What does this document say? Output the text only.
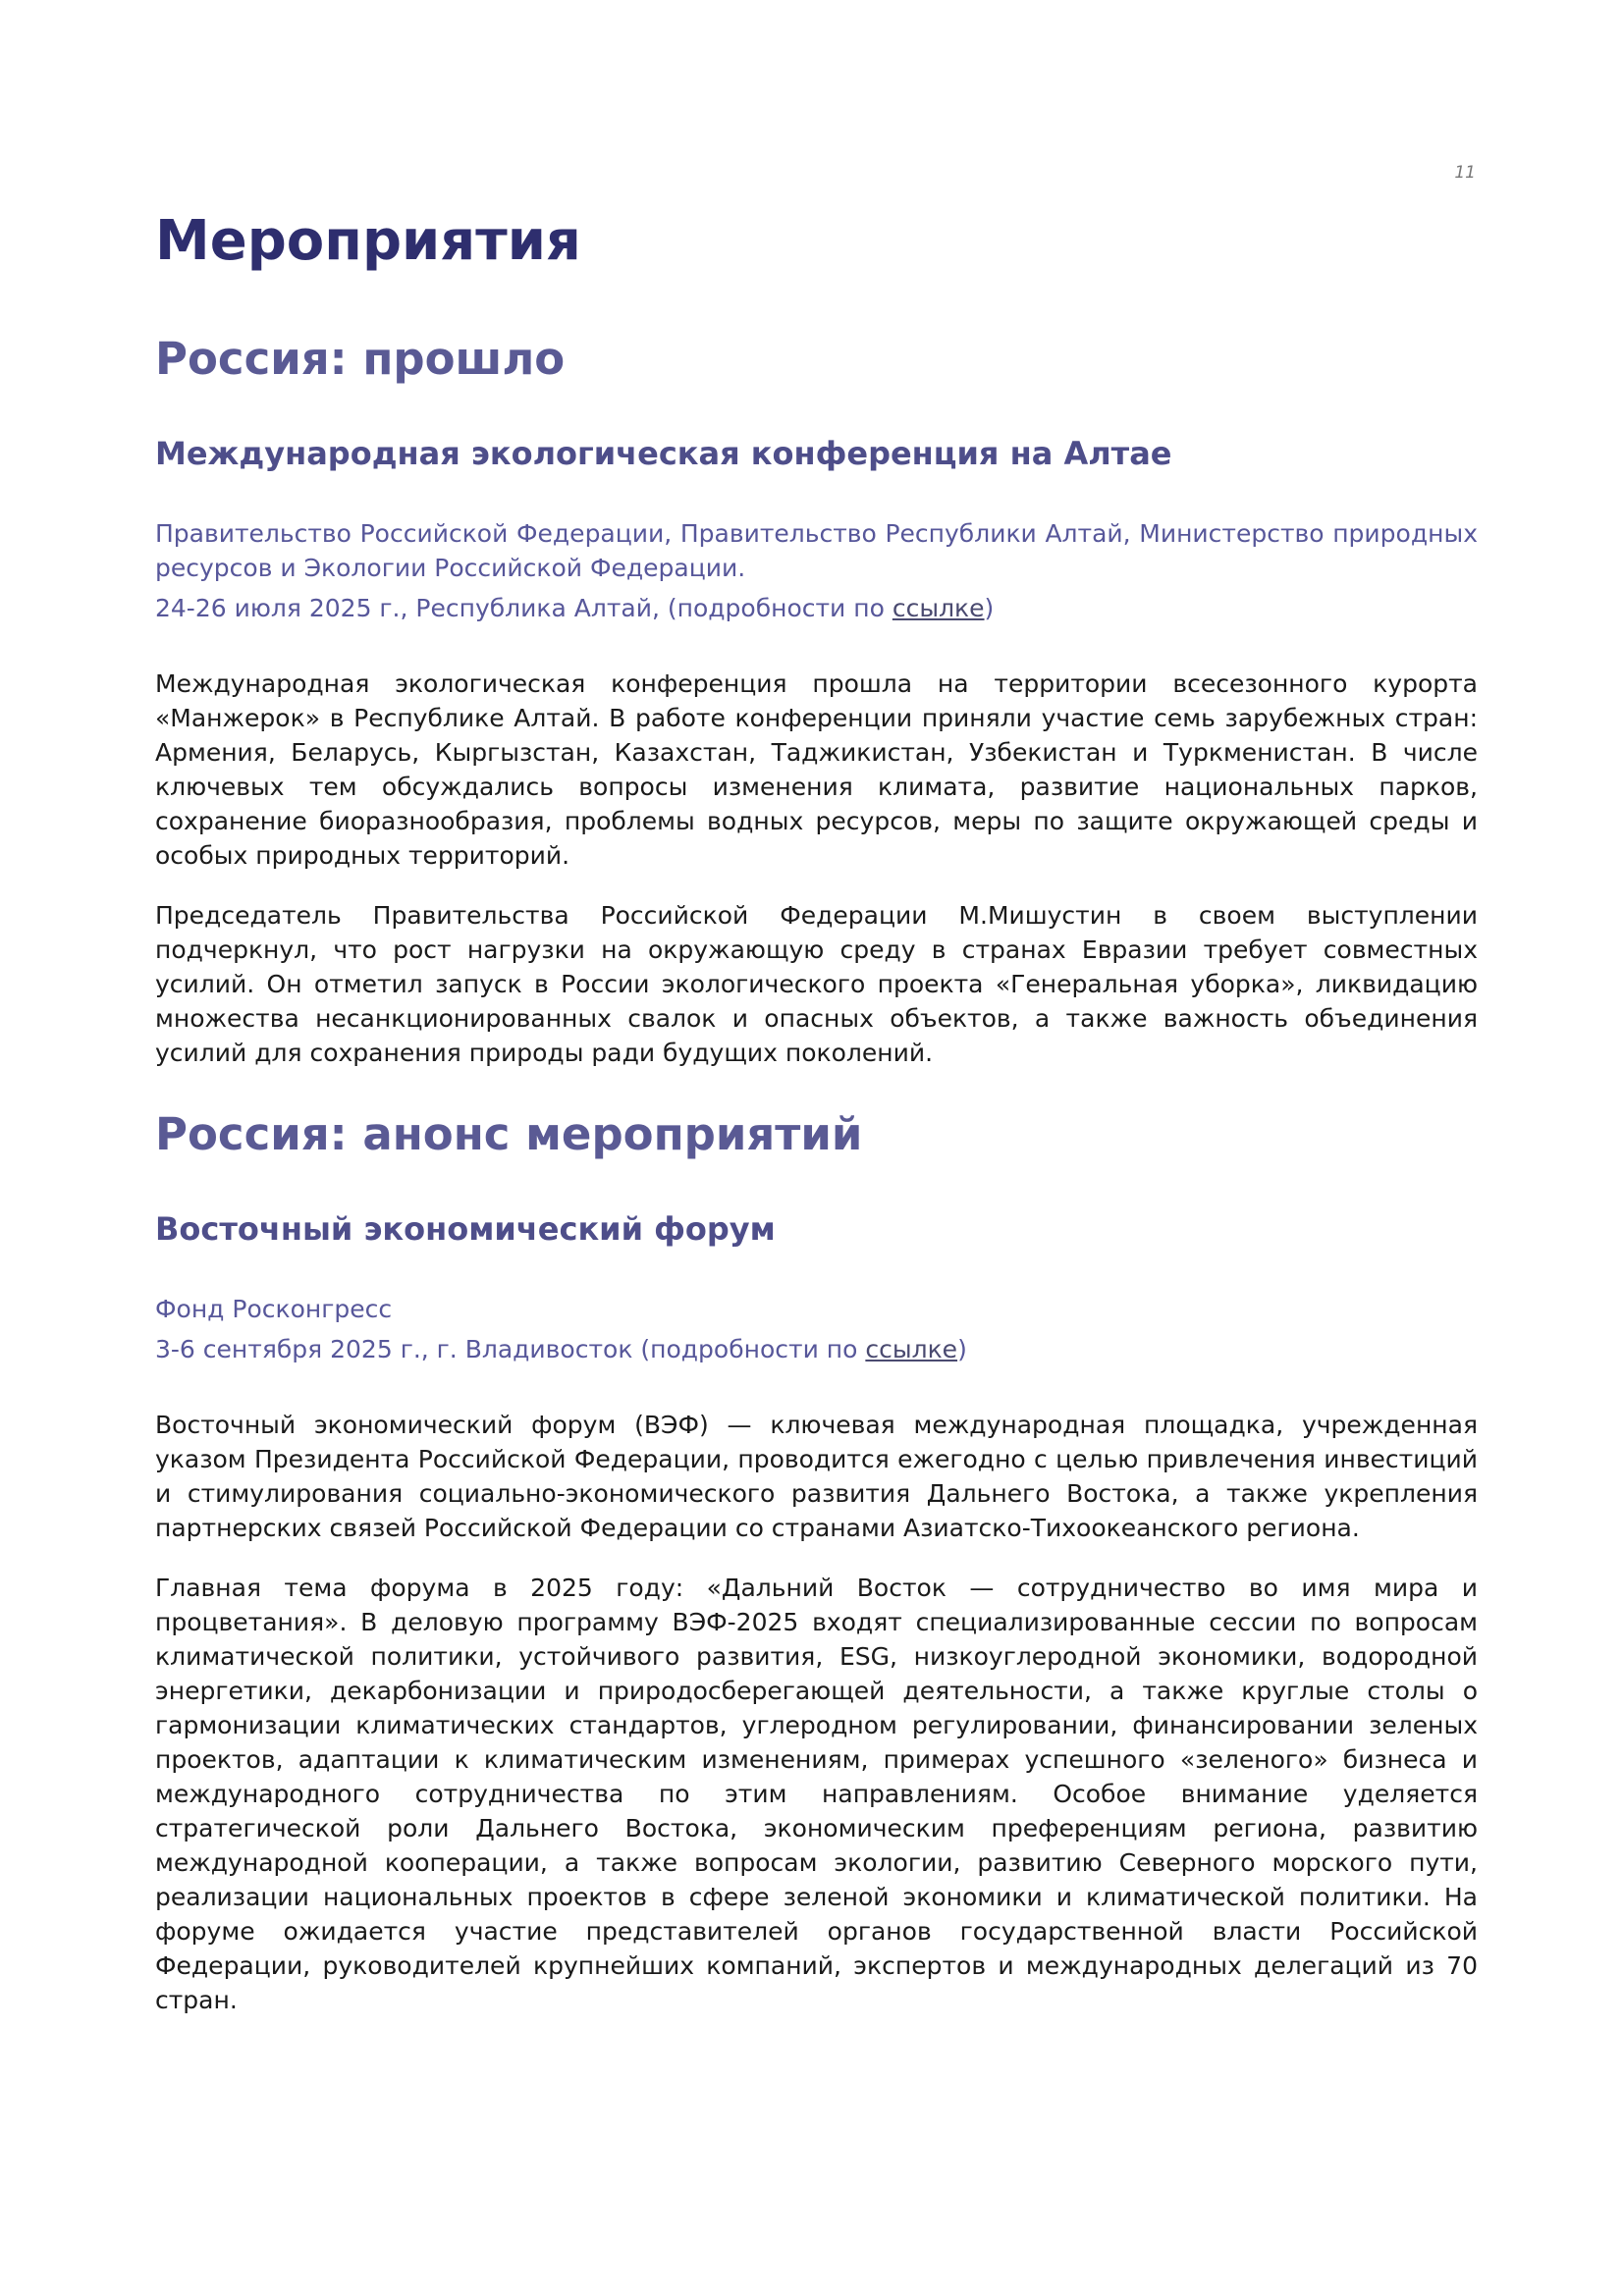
11
Мероприятия
Россия: прошло
Международная экологическая конференция на Алтае

Правительство Российской Федерации, Правительство Республики Алтай, Министерство природных ресурсов и Экологии Российской Федерации.

24-26 июля 2025 г., Республика Алтай, (подробности по ссылке)

Международная экологическая конференция прошла на территории всесезонного курорта «Манжерок» в Республике Алтай. В работе конференции приняли участие семь зарубежных стран: Армения, Беларусь, Кыргызстан, Казахстан, Таджикистан, Узбекистан и Туркменистан. В числе ключевых тем обсуждались вопросы изменения климата, развитие национальных парков, сохранение биоразнообразия, проблемы водных ресурсов, меры по защите окружающей среды и особых природных территорий.

Председатель Правительства Российской Федерации М.Мишустин в своем выступлении подчеркнул, что рост нагрузки на окружающую среду в странах Евразии требует совместных усилий. Он отметил запуск в России экологического проекта «Генеральная уборка», ликвидацию множества несанкционированных свалок и опасных объектов, а также важность объединения усилий для сохранения природы ради будущих поколений.

Россия: анонс мероприятий
Восточный экономический форум

Фонд Росконгресс

3-6 сентября 2025 г., г. Владивосток (подробности по ссылке)

Восточный экономический форум (ВЭФ) — ключевая международная площадка, учрежденная указом Президента Российской Федерации, проводится ежегодно с целью привлечения инвестиций и стимулирования социально-экономического развития Дальнего Востока, а также укрепления партнерских связей Российской Федерации со странами Азиатско-Тихоокеанского региона.

Главная тема форума в 2025 году: «Дальний Восток — сотрудничество во имя мира и процветания». В деловую программу ВЭФ-2025 входят специализированные сессии по вопросам климатической политики, устойчивого развития, ESG, низкоуглеродной экономики, водородной энергетики, декарбонизации и природосберегающей деятельности, а также круглые столы о гармонизации климатических стандартов, углеродном регулировании, финансировании зеленых проектов, адаптации к климатическим изменениям, примерах успешного «зеленого» бизнеса и международного сотрудничества по этим направлениям. Особое внимание уделяется стратегической роли Дальнего Востока, экономическим преференциям региона, развитию международной кооперации, а также вопросам экологии, развитию Северного морского пути, реализации национальных проектов в сфере зеленой экономики и климатической политики. На форуме ожидается участие представителей органов государственной власти Российской Федерации, руководителей крупнейших компаний, экспертов и международных делегаций из 70 стран.
